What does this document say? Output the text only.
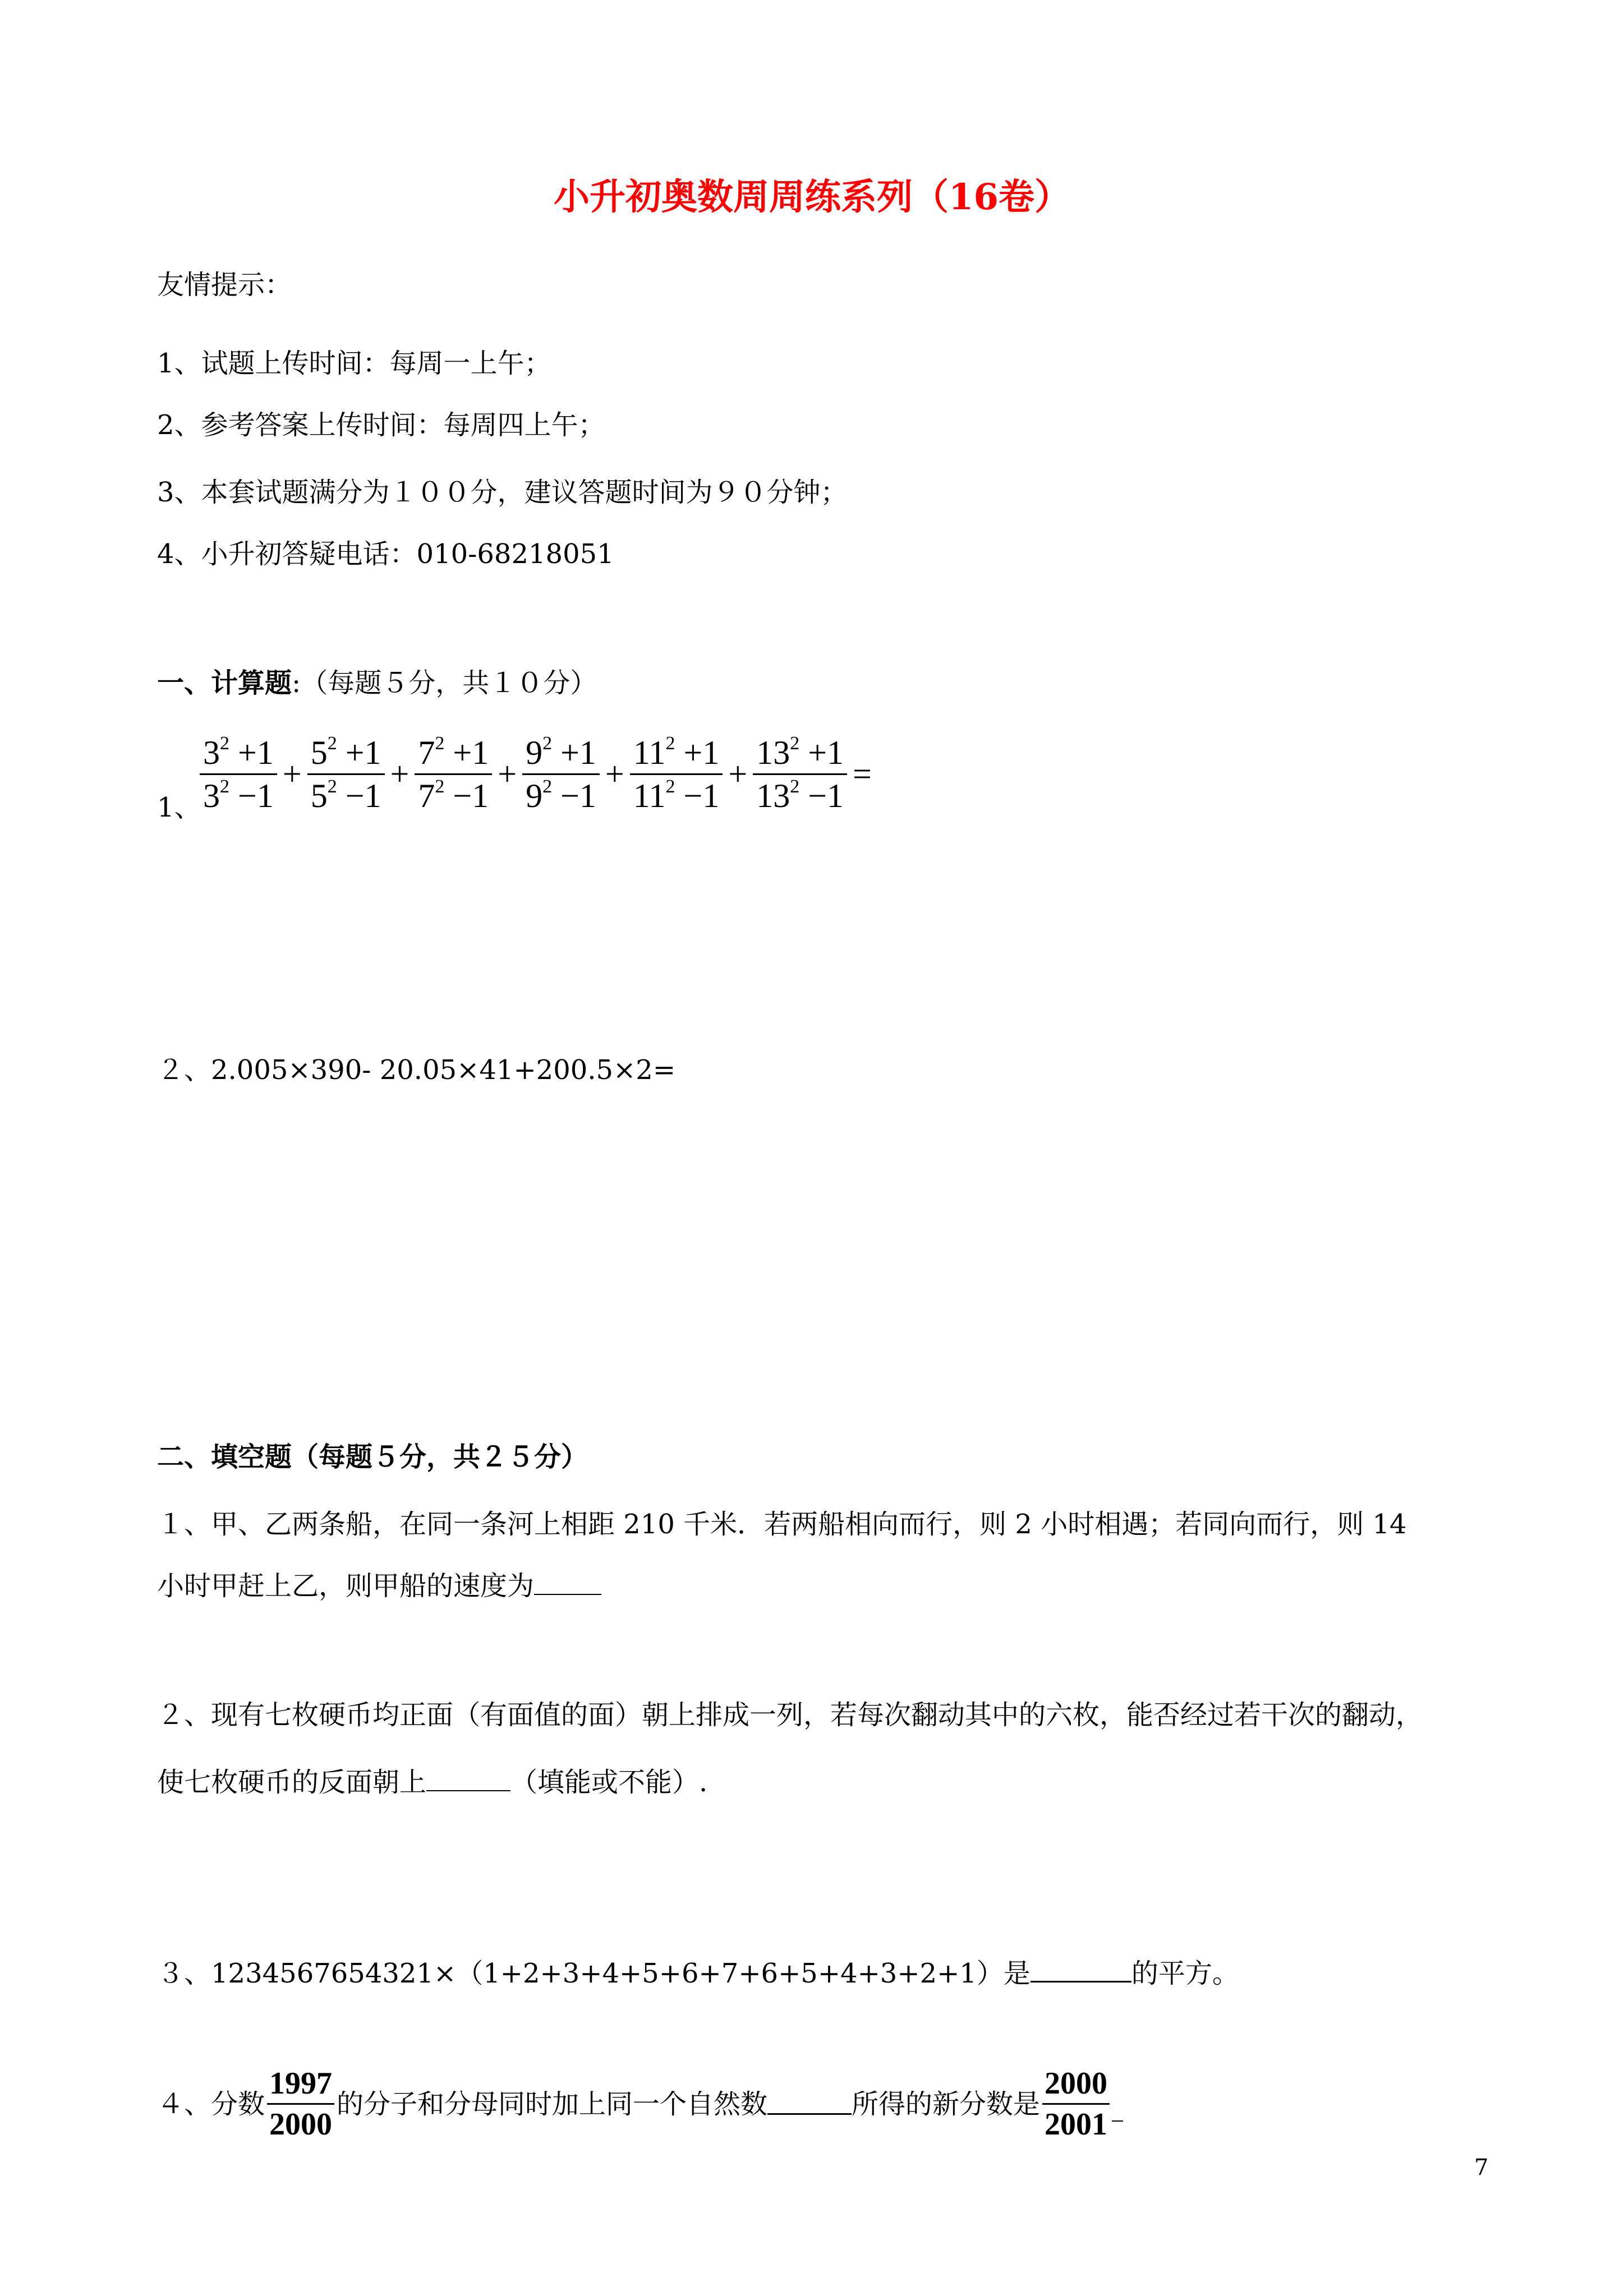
小升初奥数周周练系列（16卷）
友情提示：
1、试题上传时间：每周一上午；
2、参考答案上传时间：每周四上午；
3、本套试题满分为１００分，建议答题时间为９０分钟；
4、小升初答疑电话：010-68218051
一、计算题:（每题５分，共１０分）
1、
$\frac{3^2 +1}{3^2 -1} + \frac{5^2 +1}{5^2 -1} + \frac{7^2 +1}{7^2 -1} + \frac{9^2 +1}{9^2 -1} + \frac{11^2 +1}{11^2 -1} + \frac{13^2 +1}{13^2 -1}$ =
２、2.005×390- 20.05×41+200.5×2=
二、填空题（每题５分，共２５分）
１、甲、乙两条船，在同一条河上相距 210 千米．若两船相向而行，则 2 小时相遇；若同向而行，则 14
小时甲赶上乙，则甲船的速度为
２、现有七枚硬币均正面（有面值的面）朝上排成一列，若每次翻动其中的六枚，能否经过若干次的翻动，
使七枚硬币的反面朝上	（填能或不能）.
３、1234567654321×（1+2+3+4+5+6+7+6+5+4+3+2+1）是	的平方。
４、分数 $\frac{1997}{2000}$ 的分子和分母同时加上同一个自然数	所得的新分数是 $\frac{2000}{2001}$
7
